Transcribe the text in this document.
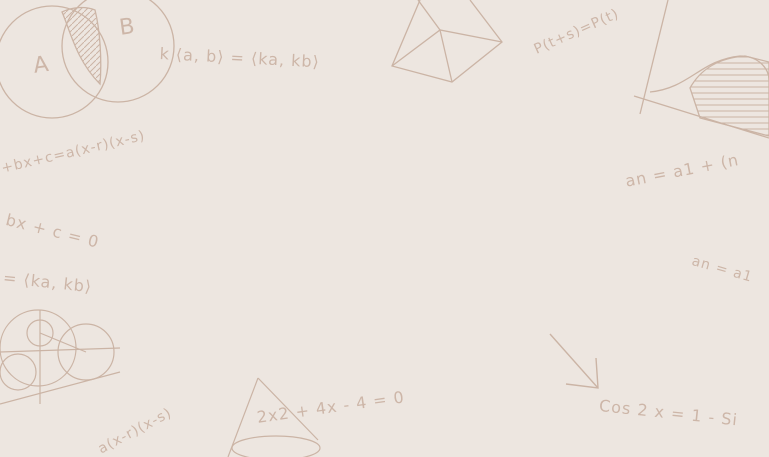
A
B
k ⟨a, b⟩ = ⟨ka, kb⟩
+bx+c=a(x-r)(x-s)
bx + c = 0
= ⟨ka, kb⟩
a(x-r)(x-s)	2x2 + 4x - 4 = 0
P(t+s)=P(t)
an = a1 + (n
an = a1
Cos 2 x = 1 - Si
